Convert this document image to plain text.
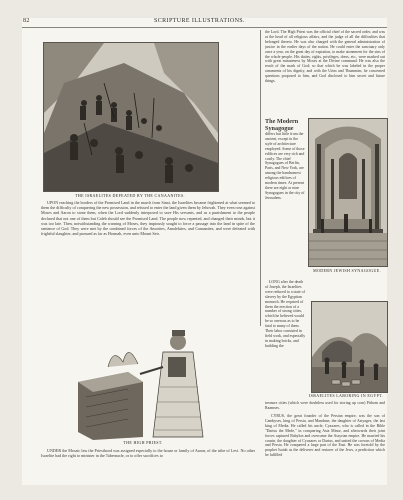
82	SCRIPTURE ILLUSTRATIONS.
THE ISRAELITES DEFEATED BY THE CANAANITES.

UPON reaching the borders of the Promised Land in the march from Sinai, the Israelites became frightened at what seemed to them the difficulty of conquering the new possession, and refused to enter the land given them by Jehovah. They even rose against Moses and Aaron to stone them, when the Lord suddenly interposed to save His servants, and as a punishment to the people declared that not one of them but Caleb should see the Promised Land. The people now repented, and changed their minds, but it was too late. Then, notwithstanding the warning of Moses, they impiously sought to force a passage into the land in spite of the sentence of God. They were met by the combined forces of the Amorites, Amalekites, and Canaanites, and were defeated with frightful slaughter, and pursued as far as Hormah, even unto Mount Seir.

THE HIGH PRIEST.

UNDER the Mosaic law the Priesthood was assigned especially to the house or family of Aaron, of the tribe of Levi. No other Israelite had the right to minister in the Tabernacle, or to offer sacrifices to

the Lord. The High Priest was the official chief of the sacred order, and was at the head of all religious affairs, and the judge of all the difficulties that belonged thereto. He was also charged with the general administration of justice in the earlier days of the nation. He could enter the sanctuary only once a year, on the great day of expiation, to make atonement for the sins of the whole people. His duties, rights, privileges, dress, etc., were marked out with great minuteness by Moses at the Divine command. He was also the reach of the mark of God; so that which he was labeled in the proper ornaments of his dignity, and with the Urim and Thummim, he concerned questions proposed to him, and God disclosed to him secret and future things.

The Modern Synagogue

differs but little from the ancient, except in the style of architecture employed. Some of those edifices are very rich and costly. The chief Synagogues of Berlin, Paris, and New York, are among the handsomest religious edifices of modern times. At present there are eight or nine Synagogues in the city of Jerusalem.

MODERN JEWISH SYNAGOGUE.

LONG after the death of Joseph, the Israelites were reduced to a state of slavery by the Egyptian monarch. He required of them the erection of a number of strong cities, which he believed would be so onerous as to be fatal to many of them. Their labor consisted in field work, and especially in making bricks, and building the

ISRAELITES LABORING IN EGYPT.

treasure cities (which were doubtless used for storing up corn) Pithom and Raamses.

CYRUS, the great founder of the Persian empire, was the son of Cambyses, king of Persia, and Mandane, the daughter of Astyages, the last king of Media. He called his uncle, Cyaxares, who is called in the Bible "Darius the Mede," in conquering Asia Minor, and afterwards their joint forces captured Babylon and overcame the Assyrian empire. He married his cousin, the daughter of Cyaxares or Darius, and united the crowns of Media and Persia. He conquered a large part of the East. He was foretold by the prophet Isaiah as the deliverer and restorer of the Jews, a prediction which he fulfilled
